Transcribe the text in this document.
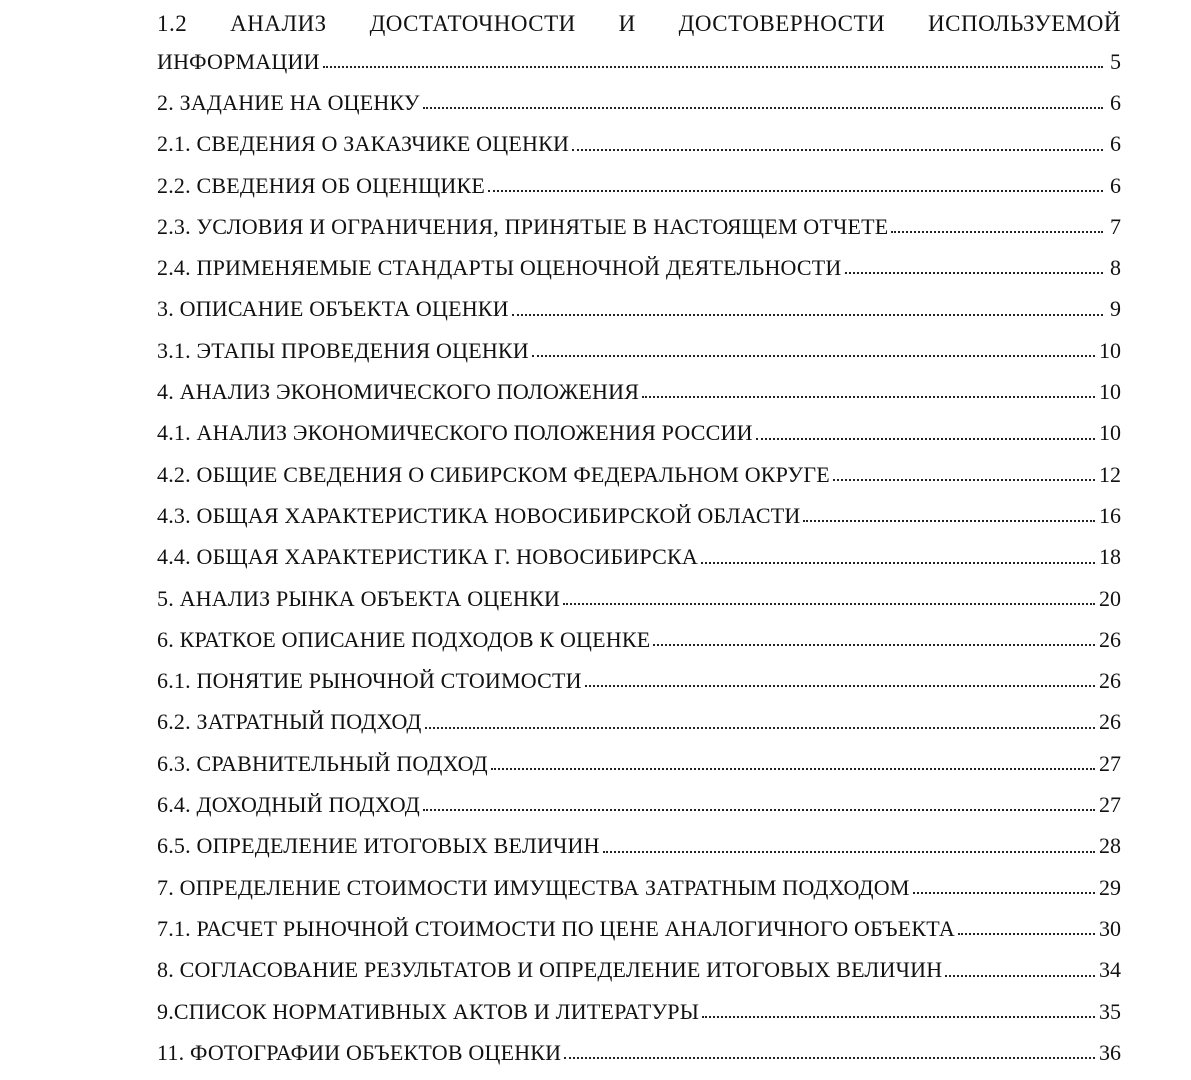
1.2 АНАЛИЗ ДОСТАТОЧНОСТИ И ДОСТОВЕРНОСТИ ИСПОЛЬЗУЕМОЙ
ИНФОРМАЦИИ	5
2. ЗАДАНИЕ НА ОЦЕНКУ	6
2.1. СВЕДЕНИЯ О ЗАКАЗЧИКЕ ОЦЕНКИ	6
2.2. СВЕДЕНИЯ ОБ ОЦЕНЩИКЕ	6
2.3. УСЛОВИЯ И ОГРАНИЧЕНИЯ, ПРИНЯТЫЕ В НАСТОЯЩЕМ ОТЧЕТЕ	7
2.4. ПРИМЕНЯЕМЫЕ СТАНДАРТЫ ОЦЕНОЧНОЙ ДЕЯТЕЛЬНОСТИ	8
3. ОПИСАНИЕ ОБЪЕКТА ОЦЕНКИ	9
3.1. ЭТАПЫ ПРОВЕДЕНИЯ ОЦЕНКИ	10
4. АНАЛИЗ ЭКОНОМИЧЕСКОГО ПОЛОЖЕНИЯ	10
4.1. АНАЛИЗ ЭКОНОМИЧЕСКОГО ПОЛОЖЕНИЯ РОССИИ	10
4.2. ОБЩИЕ СВЕДЕНИЯ О СИБИРСКОМ ФЕДЕРАЛЬНОМ ОКРУГЕ	12
4.3. ОБЩАЯ ХАРАКТЕРИСТИКА НОВОСИБИРСКОЙ ОБЛАСТИ	16
4.4. ОБЩАЯ ХАРАКТЕРИСТИКА Г. НОВОСИБИРСКА	18
5. АНАЛИЗ РЫНКА ОБЪЕКТА ОЦЕНКИ	20
6. КРАТКОЕ ОПИСАНИЕ ПОДХОДОВ К ОЦЕНКЕ	26
6.1. ПОНЯТИЕ РЫНОЧНОЙ СТОИМОСТИ	26
6.2. ЗАТРАТНЫЙ ПОДХОД	26
6.3. СРАВНИТЕЛЬНЫЙ ПОДХОД	27
6.4. ДОХОДНЫЙ ПОДХОД	27
6.5. ОПРЕДЕЛЕНИЕ ИТОГОВЫХ ВЕЛИЧИН	28
7. ОПРЕДЕЛЕНИЕ СТОИМОСТИ ИМУЩЕСТВА ЗАТРАТНЫМ ПОДХОДОМ	29
7.1. РАСЧЕТ РЫНОЧНОЙ СТОИМОСТИ ПО ЦЕНЕ АНАЛОГИЧНОГО ОБЪЕКТА	30
8. СОГЛАСОВАНИЕ РЕЗУЛЬТАТОВ И ОПРЕДЕЛЕНИЕ ИТОГОВЫХ ВЕЛИЧИН	34
9.СПИСОК НОРМАТИВНЫХ АКТОВ И ЛИТЕРАТУРЫ	35
11. ФОТОГРАФИИ ОБЪЕКТОВ ОЦЕНКИ	36
